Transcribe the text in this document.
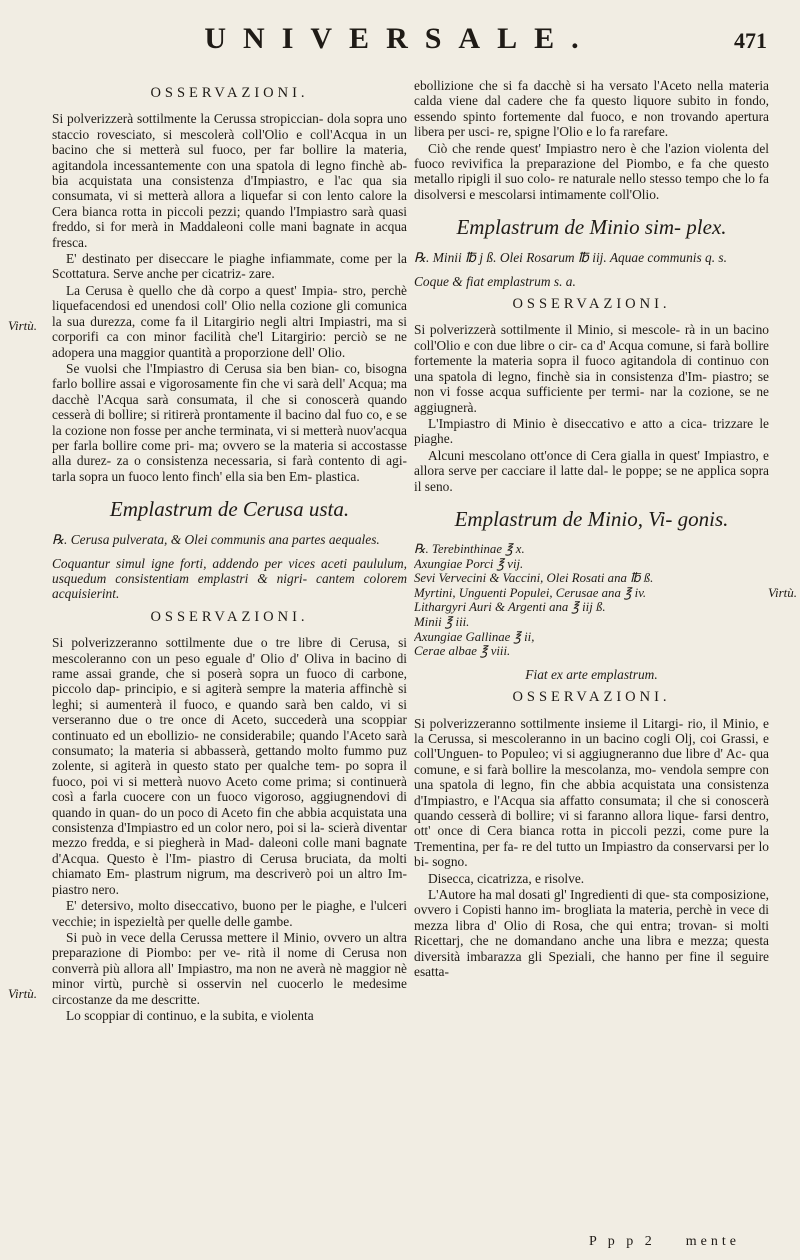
UNIVERSALE.	471
Virtù.
Virtù.
Virtù.
OSSERVAZIONI.

Si polverizzerà sottilmente la Cerussa stropiccian- dola sopra uno staccio rovesciato, si mescolerà coll'Olio e coll'Acqua in un bacino che si metterà sul fuoco, per far bollire la materia, agitandola incessantemente con una spatola di legno finchè ab- bia acquistata una consistenza d'Impiastro, e l'ac qua sia consumata, vi si metterà allora a liquefar si con lento calore la Cera bianca rotta in piccoli pezzi; quando l'Impiastro sarà quasi freddo, si for merà in Maddaleoni colle mani bagnate in acqua fresca.

E' destinato per diseccare le piaghe infiammate, come per la Scottatura. Serve anche per cicatriz- zare.

La Cerusa è quello che dà corpo a quest' Impia- stro, perchè liquefacendosi ed unendosi coll' Olio nella cozione gli comunica la sua durezza, come fa il Litargirio negli altri Impiastri, ma si corporifi ca con minor facilità che'l Litargirio: perciò se ne adopera una maggior quantità a proporzione dell' Olio.

Se vuolsi che l'Impiastro di Cerusa sia ben bian- co, bisogna farlo bollire assai e vigorosamente fin che vi sarà dell' Acqua; ma dacchè l'Acqua sarà consumata, il che si conoscerà quando cesserà di bollire; si ritirerà prontamente il bacino dal fuo co, e se la cozione non fosse per anche terminata, vi si metterà nuov'acqua per farla bollire come pri- ma; ovvero se la materia si accostasse alla durez- za o consistenza necessaria, si farà contento di agi- tarla sopra un fuoco lento finch' ella sia ben Em- plastica.

Emplastrum de Cerusa usta.

℞. Cerusa pulverata, & Olei communis ana partes aequales.

Coquantur simul igne forti, addendo per vices aceti paululum, usquedum consistentiam emplastri & nigri- cantem colorem acquisierint.

OSSERVAZIONI.

Si polverizzeranno sottilmente due o tre libre di Cerusa, si mescoleranno con un peso eguale d' Olio d' Oliva in bacino di rame assai grande, che si poserà sopra un fuoco di carbone, piccolo dap- principio, e si agiterà sempre la materia affinchè si leghi; si aumenterà il fuoco, e quando sarà ben caldo, vi si verseranno due o tre once di Aceto, succederà una scoppiar continuato ed un ebollizio- ne considerabile; quando l'Aceto sarà consumato; la materia si abbasserà, gettando molto fummo puz zolente, si agiterà in questo stato per qualche tem- po sopra il fuoco, poi vi si metterà nuovo Aceto come prima; si continuerà così a farla cuocere con un fuoco vigoroso, aggiugnendovi di quando in quan- do un poco di Aceto fin che abbia acquistata una consistenza d'Impiastro ed un color nero, poi si la- scierà diventar mezzo fredda, e si piegherà in Mad- daleoni colle mani bagnate d'Acqua. Questo è l'Im- piastro di Cerusa bruciata, da molti chiamato Em- plastrum nigrum, ma descriverò poi un altro Im- piastro nero.

E' detersivo, molto diseccativo, buono per le piaghe, e l'ulceri vecchie; in ispezieltà per quelle delle gambe.

Si può in vece della Cerussa mettere il Minio, ovvero un altra preparazione di Piombo: per ve- rità il nome di Cerusa non converrà più allora all' Impiastro, ma non ne averà nè maggior nè minor virtù, purchè si osservin nel cuocerlo le medesime circostanze da me descritte.

Lo scoppiar di continuo, e la subita, e violenta

ebollizione che si fa dacchè si ha versato l'Aceto nella materia calda viene dal cadere che fa questo liquore subito in fondo, essendo spinto fortemente dal fuoco, e non trovando apertura libera per usci- re, spigne l'Olio e lo fa rarefare.

Ciò che rende quest' Impiastro nero è che l'azion violenta del fuoco revivifica la preparazione del Piombo, e fa che questo metallo ripigli il suo colo- re naturale nello stesso tempo che lo fa disolversi e mescolarsi intimamente coll'Olio.

Emplastrum de Minio sim- plex.

℞. Minii ℔ j ß. Olei Rosarum ℔ iij. Aquae communis q. s.

Coque & fiat emplastrum s. a.

OSSERVAZIONI.

Si polverizzerà sottilmente il Minio, si mescole- rà in un bacino coll'Olio e con due libre o cir- ca d' Acqua comune, si farà bollire fortemente la materia sopra il fuoco agitandola di continuo con una spatola di legno, finchè sia in consistenza d'Im- piastro; se non vi fosse acqua sufficiente per termi- nar la cozione, se ne aggiugnerà.

L'Impiastro di Minio è diseccativo e atto a cica- trizzare le piaghe.

Alcuni mescolano ott'once di Cera gialla in quest' Impiastro, e allora serve per cacciare il latte dal- le poppe; se ne applica sopra il seno.

Emplastrum de Minio, Vi- gonis.
℞. Terebinthinae ℥ x.
Axungiae Porci ℥ vij.
Sevi Vervecini & Vaccini, Olei Rosati ana ℔ ß.
Myrtini, Unguenti Populei, Cerusae ana ℥ iv.
Lithargyri Auri & Argenti ana ℥ iij ß.
Minii ℥ iii.
Axungiae Gallinae ℥ ii,
Cerae albae ℥ viii.

Fiat ex arte emplastrum.

OSSERVAZIONI.

Si polverizzeranno sottilmente insieme il Litargi- rio, il Minio, e la Cerussa, si mescoleranno in un bacino cogli Olj, coi Grassi, e coll'Unguen- to Populeo; vi si aggiugneranno due libre d' Ac- qua comune, e si farà bollire la mescolanza, mo- vendola sempre con una spatola di legno, fin che abbia acquistata una consistenza d'Impiastro, e l'Acqua sia affatto consumata; il che si conoscerà quando cesserà di bollire; vi si faranno allora lique- farsi dentro, ott' once di Cera bianca rotta in piccoli pezzi, come pure la Trementina, per fa- re del tutto un Impiastro da conservarsi per lo bi- sogno.

Disecca, cicatrizza, e risolve.

L'Autore ha mal dosati gl' Ingredienti di que- sta composizione, ovvero i Copisti hanno im- brogliata la materia, perchè in vece di mezza libra d' Olio di Rosa, che qui entra; trovan- si molti Ricettarj, che ne domandano anche una libra e mezza; questa diversità imbarazza gli Speziali, che hanno per fine il seguire esatta-

P p p 2 mente
